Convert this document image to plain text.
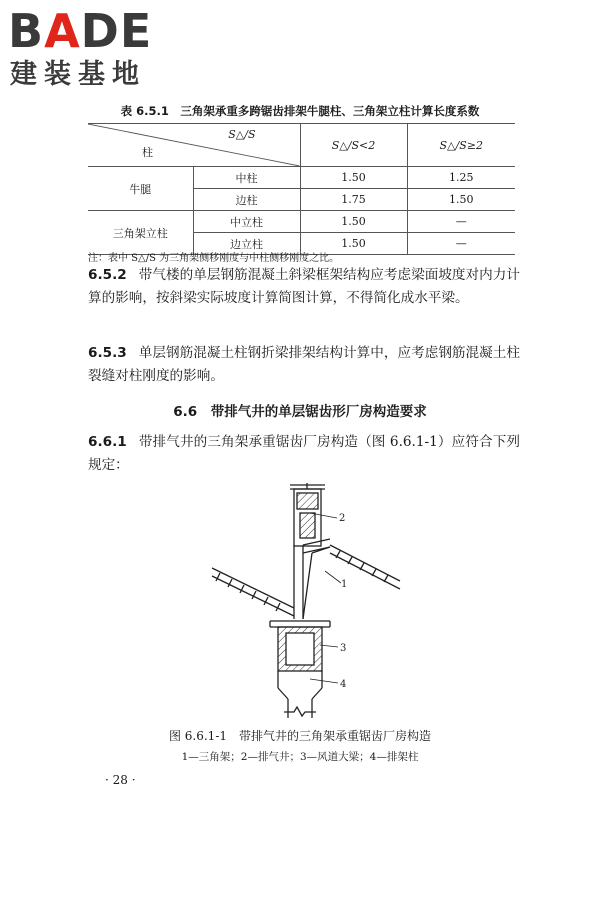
BADE
建装基地
表 6.5.1　三角架承重多跨锯齿排架牛腿柱、三角架立柱计算长度系数
S△/S
柱		S△/S<2	S△/S≥2
牛腿	中柱	1.50	1.25
	边柱	1.75	1.50
三角架立柱	中立柱	1.50	—
	边立柱	1.50	—
注：表中 S△/S 为三角架侧移刚度与中柱侧移刚度之比。
6.5.2 带气楼的单层钢筋混凝土斜梁框架结构应考虑梁面坡度对内力计算的影响，按斜梁实际坡度计算简图计算，不得简化成水平梁。
6.5.3 单层钢筋混凝土柱钢折梁排架结构计算中，应考虑钢筋混凝土柱裂缝对柱刚度的影响。
6.6　带排气井的单层锯齿形厂房构造要求
6.6.1 带排气井的三角架承重锯齿厂房构造（图 6.6.1-1）应符合下列规定：
1
2
3
4
图 6.6.1-1　带排气井的三角架承重锯齿厂房构造
1—三角架；2—排气井；3—风道大梁；4—排架柱
· 28 ·
